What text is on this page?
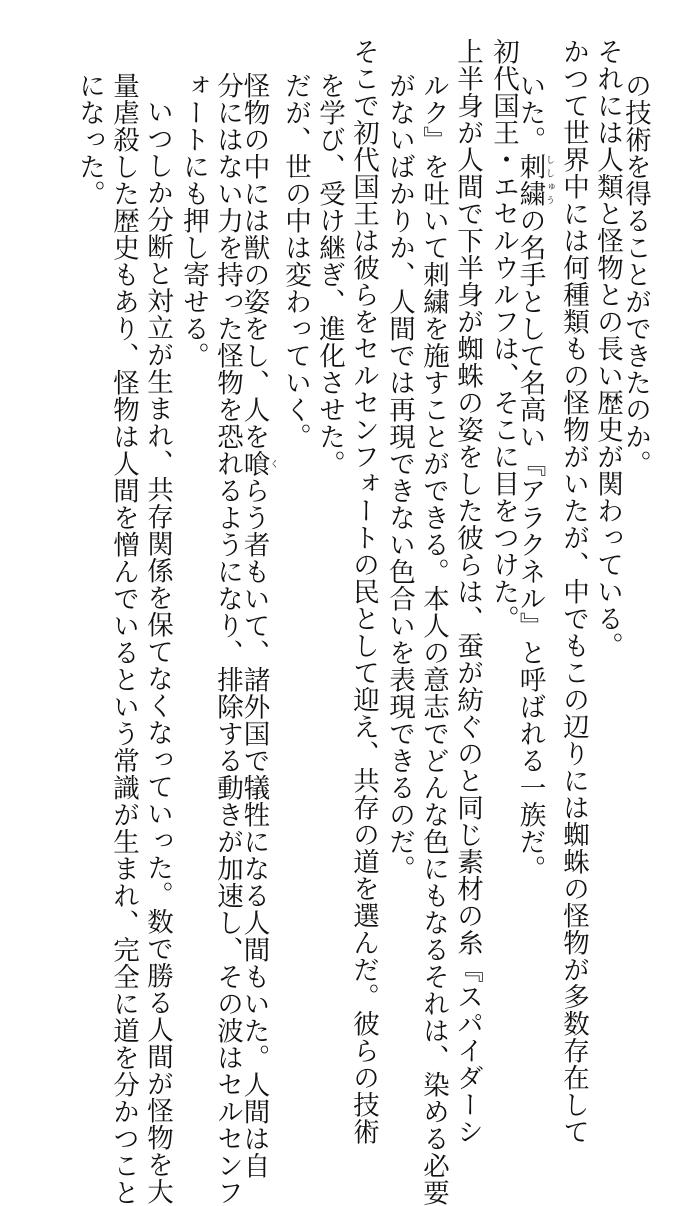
の技術を得ることができたのか。
それには人類と怪物との長い歴史が関わっている。
かつて世界中には何種類もの怪物がいたが、中でもこの辺りには蜘蛛の怪物が多数存在して
いた。刺繍ししゅうの名手として名高い『アラクネル』と呼ばれる一族だ。
初代国王・エセルウルフは、そこに目をつけた。
上半身が人間で下半身が蜘蛛の姿をした彼らは、蚕が紡ぐのと同じ素材の糸『スパイダーシ
ルク』を吐いて刺繍を施すことができる。本人の意志でどんな色にもなるそれは、染める必要
がないばかりか、人間では再現できない色合いを表現できるのだ。
そこで初代国王は彼らをセルセンフォートの民として迎え、共存の道を選んだ。彼らの技術
を学び、受け継ぎ、進化させた。
だが、世の中は変わっていく。
怪物の中には獣の姿をし、人を喰くらう者もいて、諸外国で犠牲になる人間もいた。人間は自
分にはない力を持った怪物を恐れるようになり、排除する動きが加速し、その波はセルセンフ
ォートにも押し寄せる。
いつしか分断と対立が生まれ、共存関係を保てなくなっていった。数で勝る人間が怪物を大
量虐殺した歴史もあり、怪物は人間を憎んでいるという常識が生まれ、完全に道を分かつこと
になった。
